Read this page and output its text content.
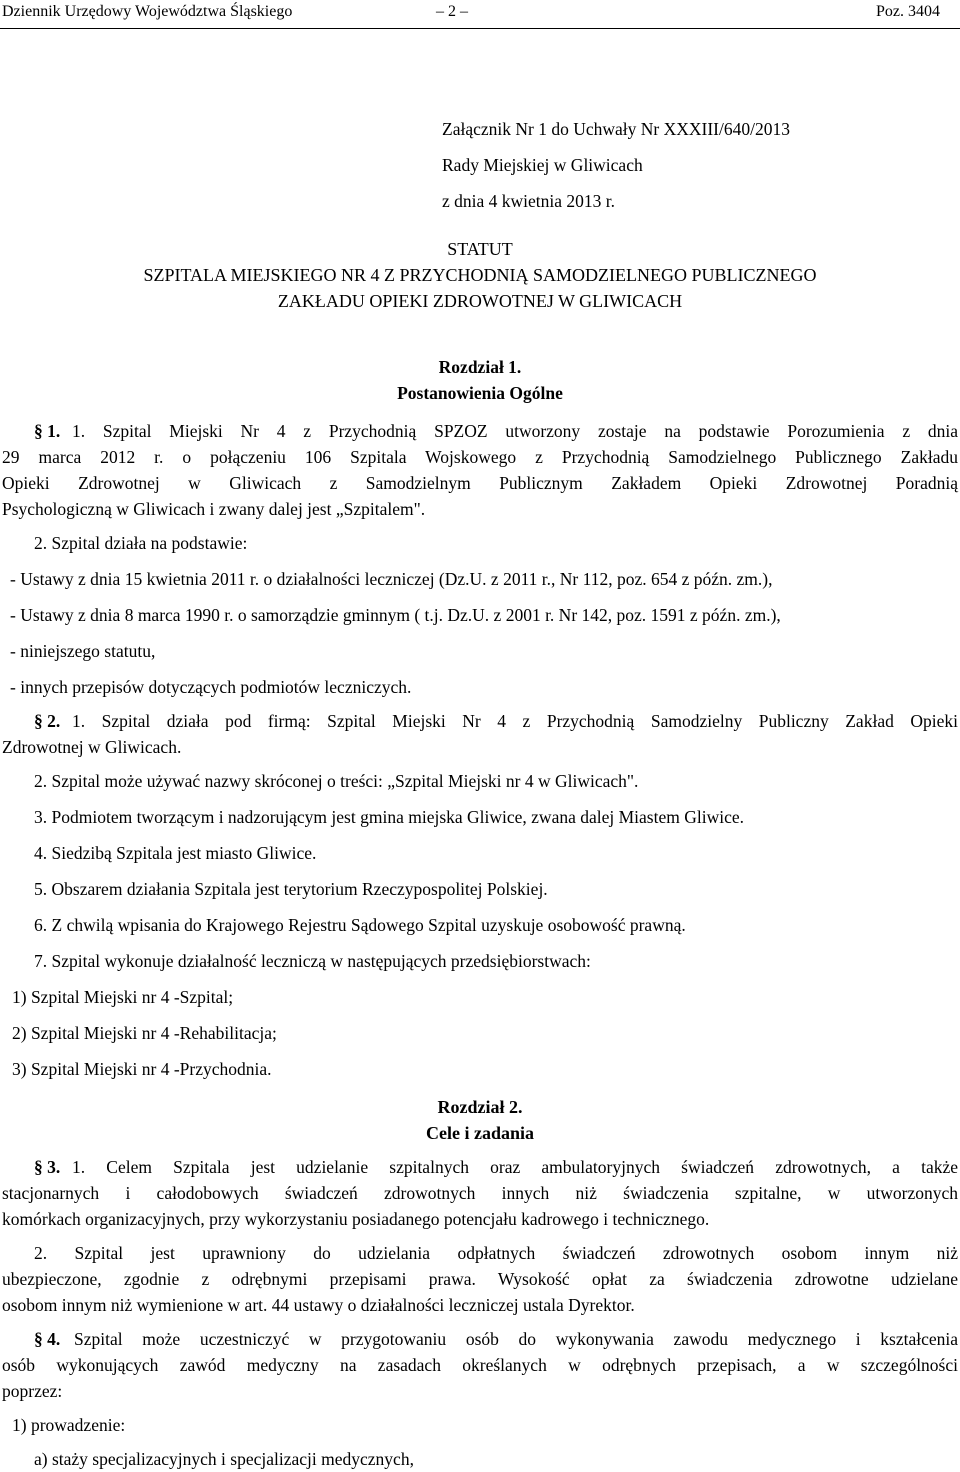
Dziennik Urzędowy Województwa Śląskiego	– 2 –	Poz. 3404
Załącznik Nr 1 do Uchwały Nr XXXIII/640/2013
Rady Miejskiej w Gliwicach
z dnia 4 kwietnia 2013 r.
STATUT
SZPITALA MIEJSKIEGO NR 4 Z PRZYCHODNIĄ SAMODZIELNEGO PUBLICZNEGO
ZAKŁADU OPIEKI ZDROWOTNEJ W GLIWICACH
Rozdział 1.
Postanowienia Ogólne
§ 1. 1. Szpital Miejski Nr 4 z Przychodnią SPZOZ utworzony zostaje na podstawie Porozumienia z dnia
29 marca 2012 r. o połączeniu 106 Szpitala Wojskowego z Przychodnią Samodzielnego Publicznego Zakładu
Opieki Zdrowotnej w Gliwicach z Samodzielnym Publicznym Zakładem Opieki Zdrowotnej Poradnią
Psychologiczną w Gliwicach i zwany dalej jest „Szpitalem".
2. Szpital działa na podstawie:
- Ustawy z dnia 15 kwietnia 2011 r. o działalności leczniczej (Dz.U. z 2011 r., Nr 112, poz. 654 z późn. zm.),
- Ustawy z dnia 8 marca 1990 r. o samorządzie gminnym ( t.j. Dz.U. z 2001 r. Nr 142, poz. 1591 z późn. zm.),
- niniejszego statutu,
- innych przepisów dotyczących podmiotów leczniczych.
§ 2. 1. Szpital działa pod firmą: Szpital Miejski Nr 4 z Przychodnią Samodzielny Publiczny Zakład Opieki
Zdrowotnej w Gliwicach.
2. Szpital może używać nazwy skróconej o treści: „Szpital Miejski nr 4 w Gliwicach".
3. Podmiotem tworzącym i nadzorującym jest gmina miejska Gliwice, zwana dalej Miastem Gliwice.
4. Siedzibą Szpitala jest miasto Gliwice.
5. Obszarem działania Szpitala jest terytorium Rzeczypospolitej Polskiej.
6. Z chwilą wpisania do Krajowego Rejestru Sądowego Szpital uzyskuje osobowość prawną.
7. Szpital wykonuje działalność leczniczą w następujących przedsiębiorstwach:
1) Szpital Miejski nr 4 -Szpital;
2) Szpital Miejski nr 4 -Rehabilitacja;
3) Szpital Miejski nr 4 -Przychodnia.
Rozdział 2.
Cele i zadania
§ 3. 1. Celem Szpitala jest udzielanie szpitalnych oraz ambulatoryjnych świadczeń zdrowotnych, a także
stacjonarnych i całodobowych świadczeń zdrowotnych innych niż świadczenia szpitalne, w utworzonych
komórkach organizacyjnych, przy wykorzystaniu posiadanego potencjału kadrowego i technicznego.
2. Szpital jest uprawniony do udzielania odpłatnych świadczeń zdrowotnych osobom innym niż
ubezpieczone, zgodnie z odrębnymi przepisami prawa. Wysokość opłat za świadczenia zdrowotne udzielane
osobom innym niż wymienione w art. 44 ustawy o działalności leczniczej ustala Dyrektor.
§ 4. Szpital może uczestniczyć w przygotowaniu osób do wykonywania zawodu medycznego i kształcenia
osób wykonujących zawód medyczny na zasadach określanych w odrębnych przepisach, a w szczególności
poprzez:
1) prowadzenie:
a) staży specjalizacyjnych i specjalizacji medycznych,
